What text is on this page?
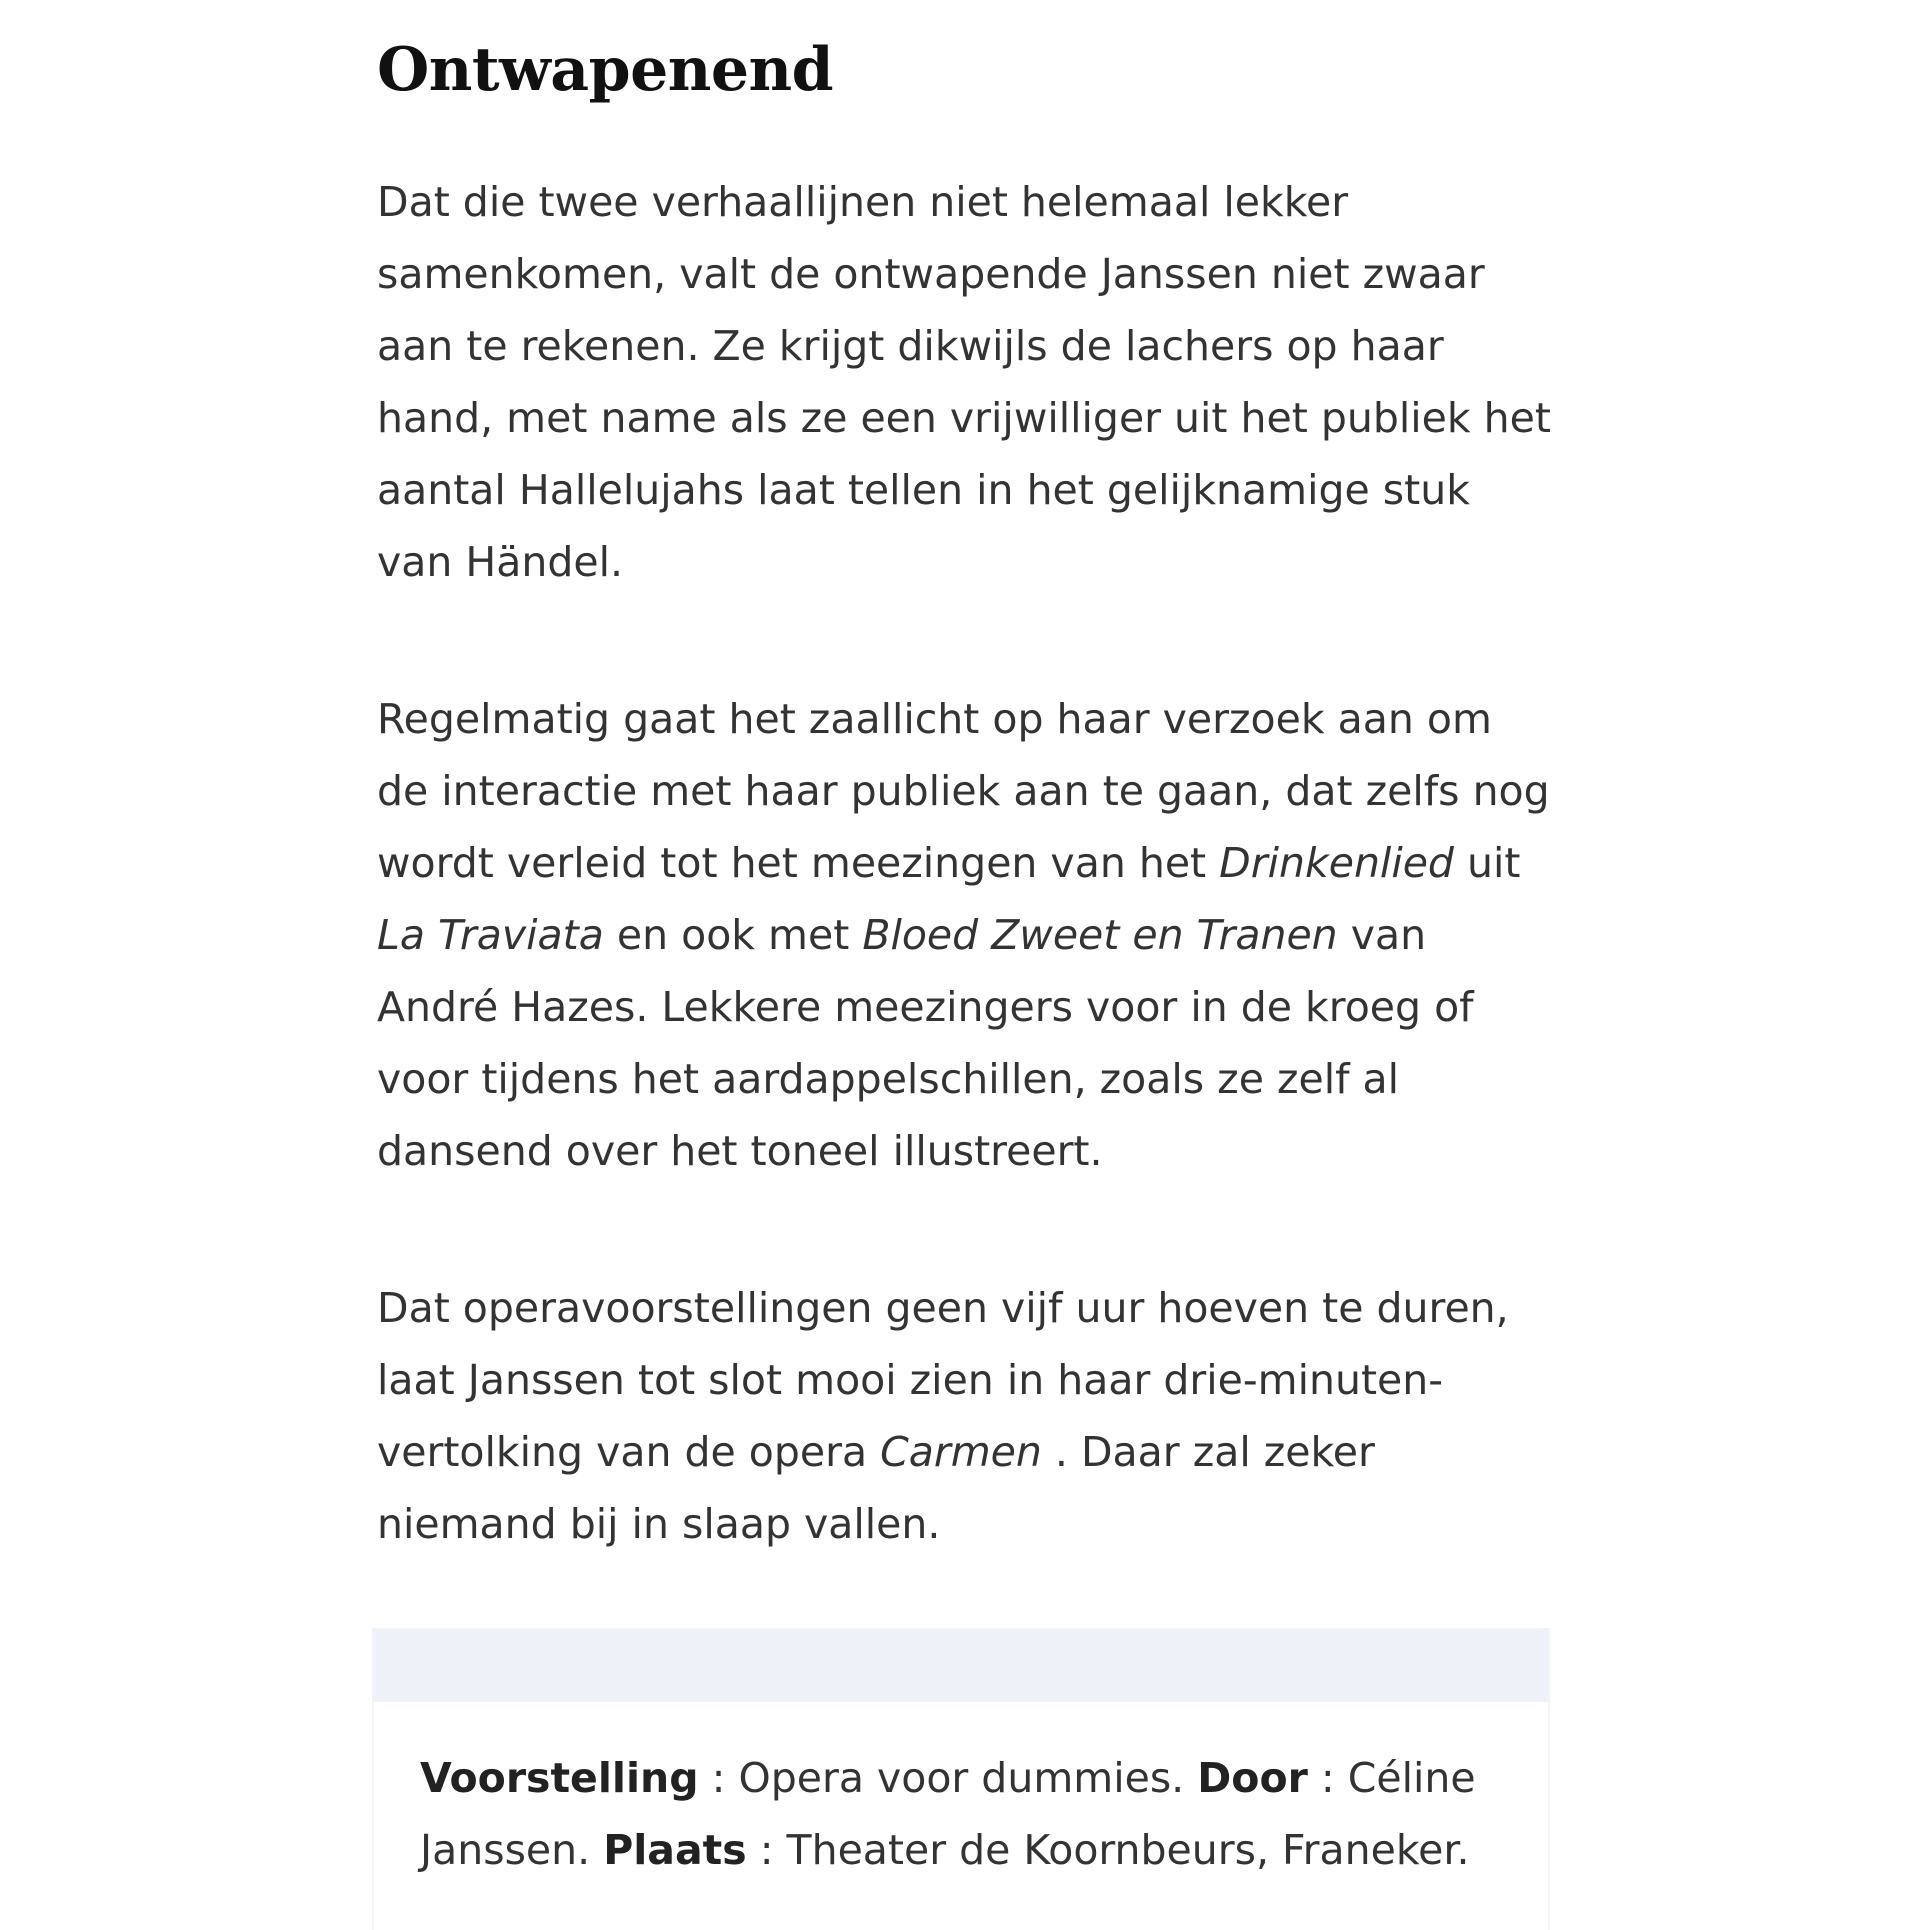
Ontwapenend

Dat die twee verhaallijnen niet helemaal lekker samenkomen, valt de ontwapende Janssen niet zwaar aan te rekenen. Ze krijgt dikwijls de lachers op haar hand, met name als ze een vrijwilliger uit het publiek het aantal Hallelujahs laat tellen in het gelijknamige stuk van Händel.

Regelmatig gaat het zaallicht op haar verzoek aan om de interactie met haar publiek aan te gaan, dat zelfs nog wordt verleid tot het meezingen van het Drinkenlied uit La Traviata en ook met Bloed Zweet en Tranen van André Hazes. Lekkere meezingers voor in de kroeg of voor tijdens het aardappelschillen, zoals ze zelf al dansend over het toneel illustreert.

Dat operavoorstellingen geen vijf uur hoeven te duren, laat Janssen tot slot mooi zien in haar drie-minuten-vertolking van de opera Carmen . Daar zal zeker niemand bij in slaap vallen.

Voorstelling : Opera voor dummies. Door : Céline Janssen. Plaats : Theater de Koornbeurs, Franeker.
